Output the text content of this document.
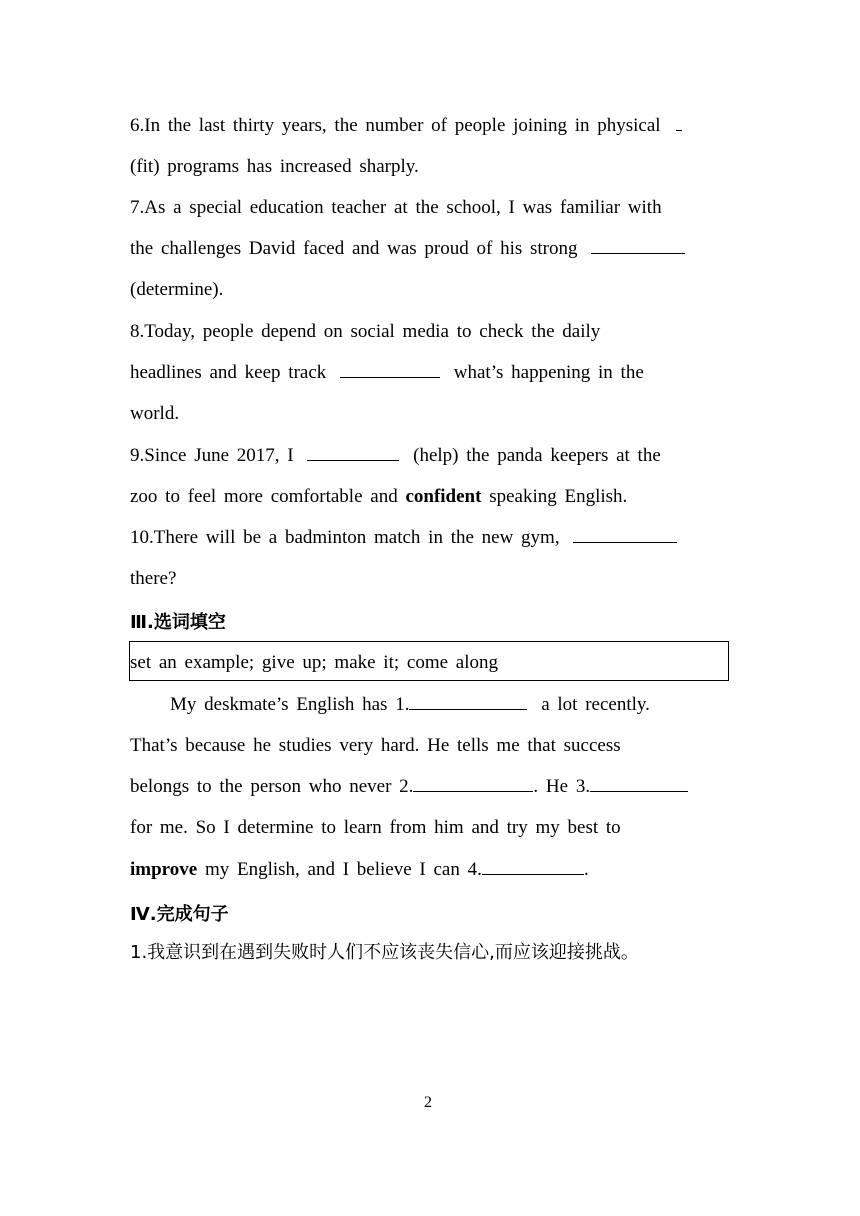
6.In the last thirty years, the number of people joining in physical
(fit) programs has increased sharply.
7.As a special education teacher at the school, I was familiar with
the challenges David faced and was proud of his strong
(determine).
8.Today, people depend on social media to check the daily
headlines and keep track	what’s happening in the
world.
9.Since June 2017, I	(help) the panda keepers at the
zoo to feel more comfortable and confident speaking English.
10.There will be a badminton match in the new gym,
there?
Ⅲ.选词填空
set an example; give up; make it; come along
My deskmate’s English has 1.	a lot recently.
That’s because he studies very hard. He tells me that success
belongs to the person who never 2.	. He 3.
for me. So I determine to learn from him and try my best to
improve my English, and I believe I can 4.	.
Ⅳ.完成句子
1.我意识到在遇到失败时人们不应该丧失信心,而应该迎接挑战。
2
